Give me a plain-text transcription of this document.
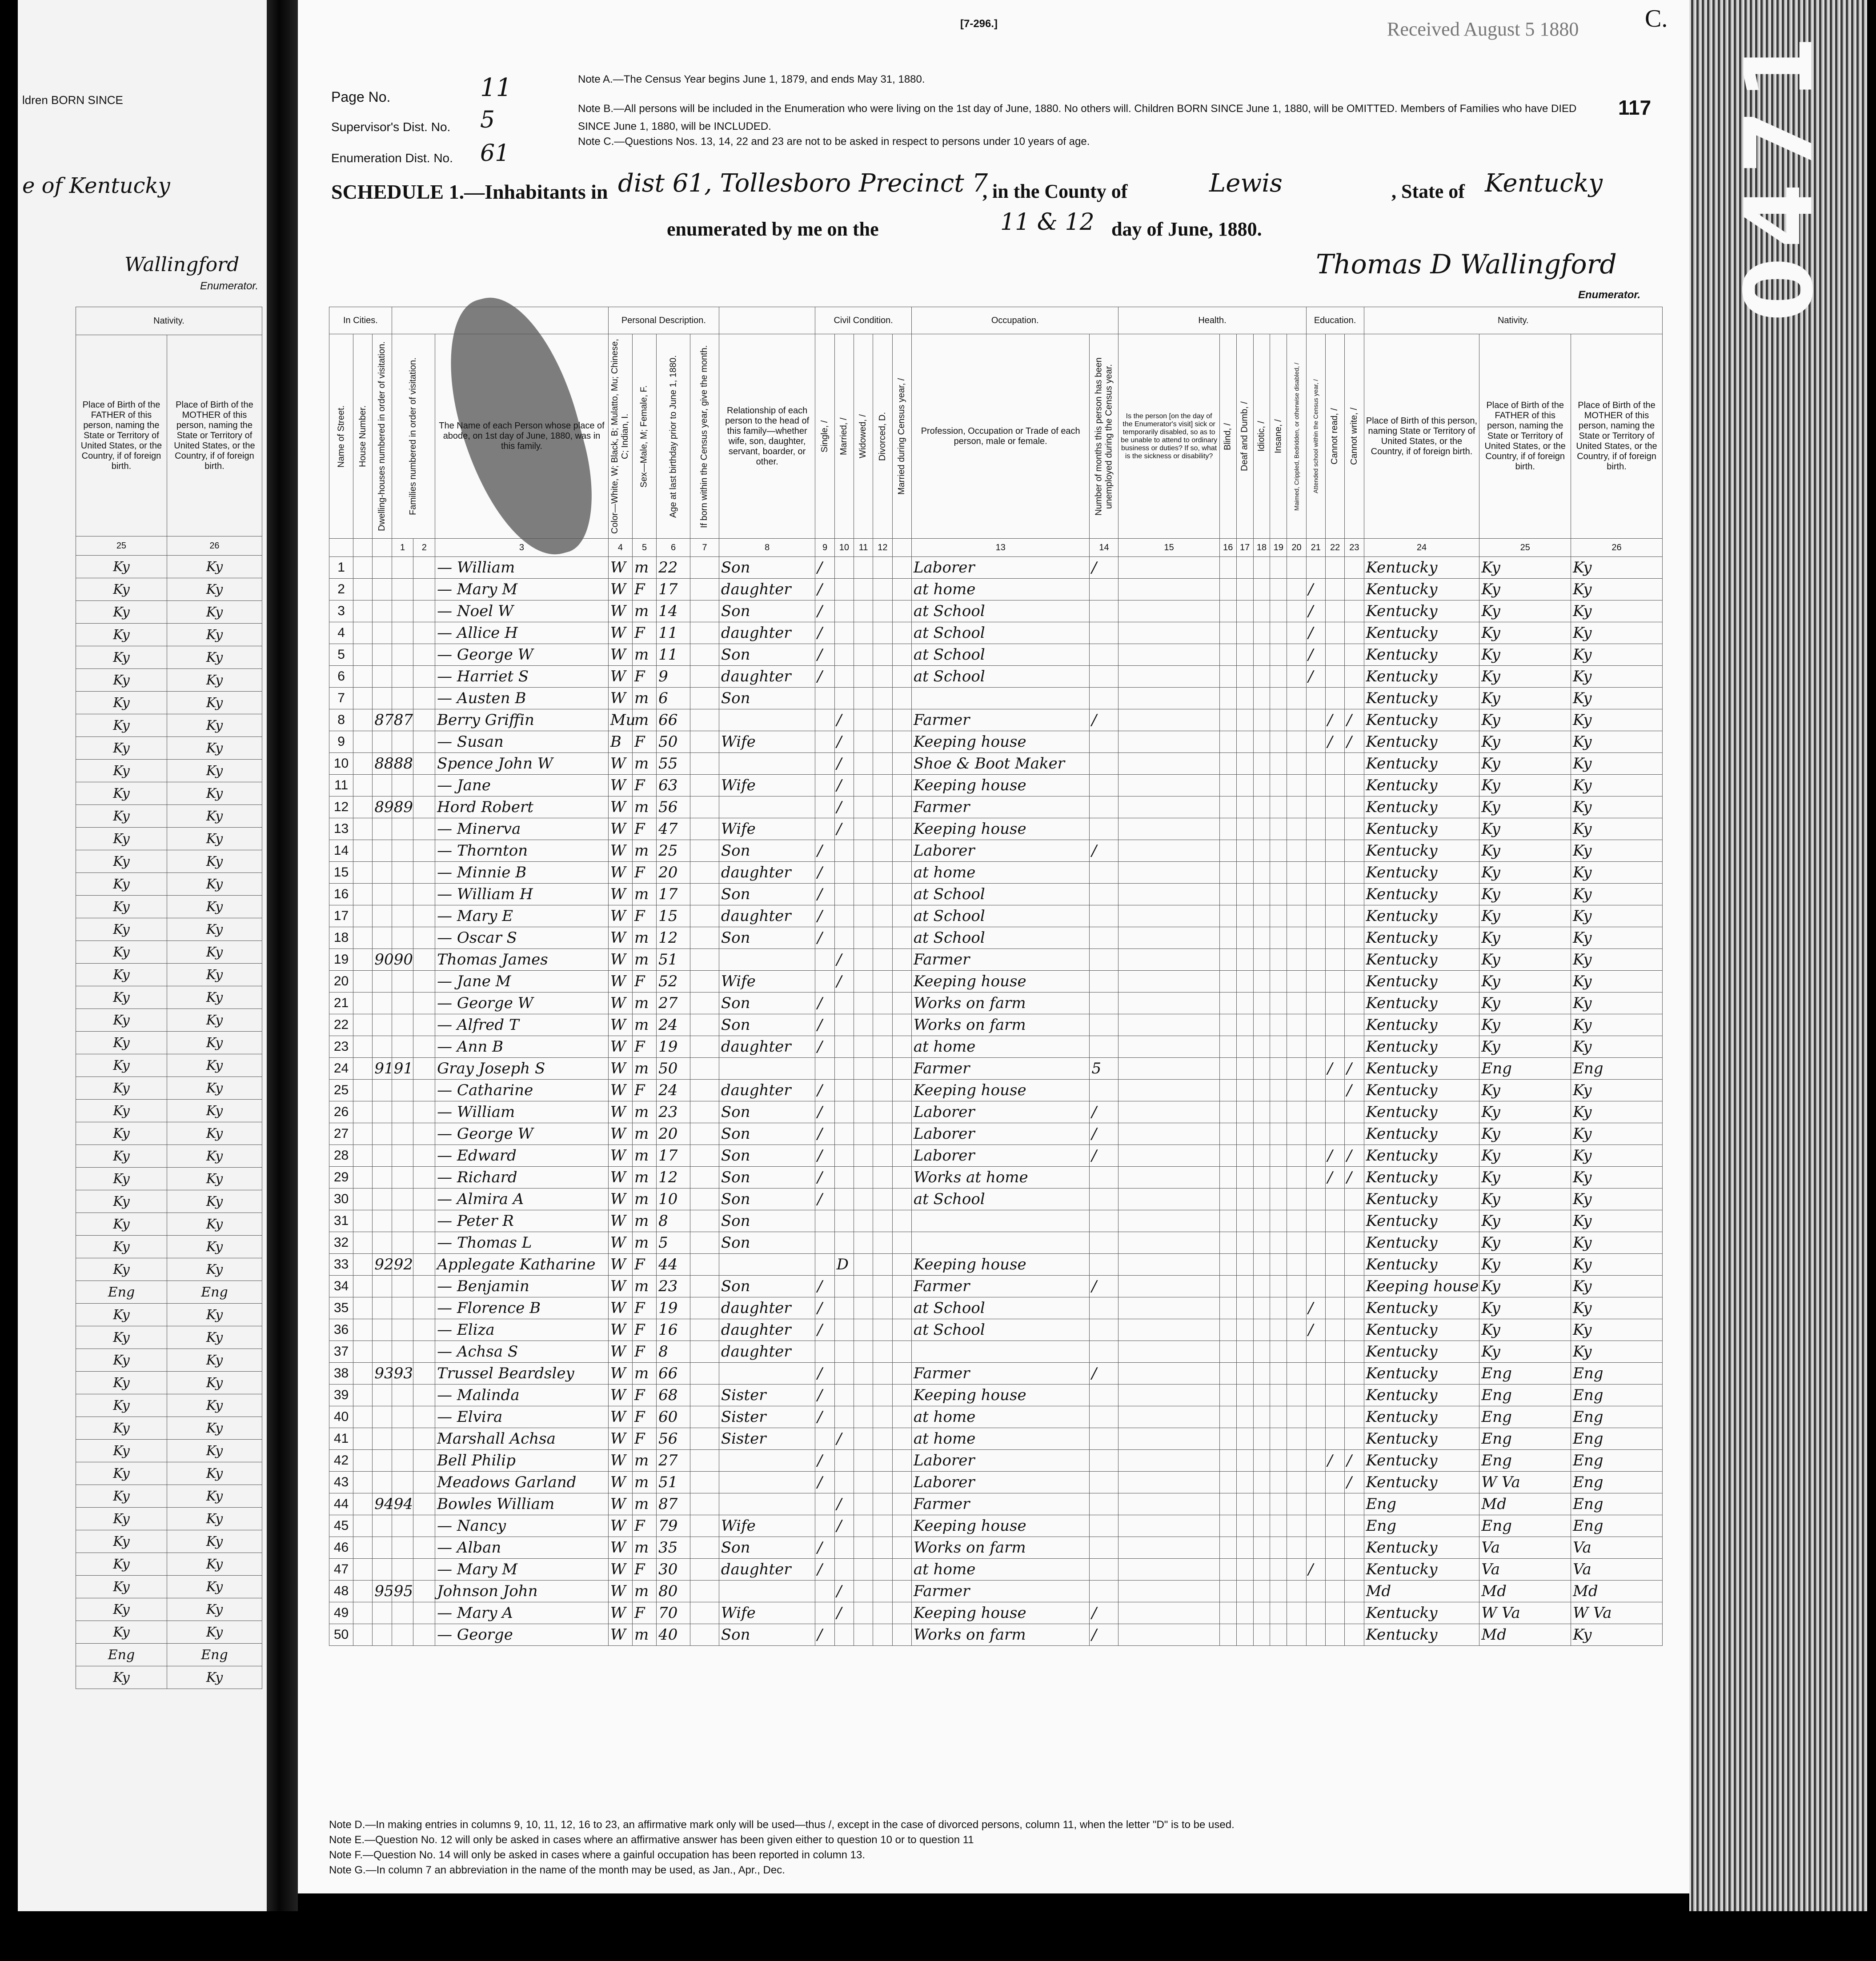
0471
ldren BORN SINCE
e of Kentucky
Wallingford
Enumerator.
Nativity.	
Place of Birth of the FATHER of this person, naming the State or Territory of United States, or the Country, if of foreign birth.	Place of Birth of the MOTHER of this person, naming the State or Territory of United States, or the Country, if of foreign birth.
25	26
Ky	Ky
Ky	Ky
Ky	Ky
Ky	Ky
Ky	Ky
Ky	Ky
Ky	Ky
Ky	Ky
Ky	Ky
Ky	Ky
Ky	Ky
Ky	Ky
Ky	Ky
Ky	Ky
Ky	Ky
Ky	Ky
Ky	Ky
Ky	Ky
Ky	Ky
Ky	Ky
Ky	Ky
Ky	Ky
Ky	Ky
Ky	Ky
Ky	Ky
Ky	Ky
Ky	Ky
Ky	Ky
Ky	Ky
Ky	Ky
Ky	Ky
Ky	Ky
Eng	Eng
Ky	Ky
Ky	Ky
Ky	Ky
Ky	Ky
Ky	Ky
Ky	Ky
Ky	Ky
Ky	Ky
Ky	Ky
Ky	Ky
Ky	Ky
Ky	Ky
Ky	Ky
Ky	Ky
Ky	Ky
Eng	Eng
Ky	Ky
[7-296.]	C.
Received August 5 1880
117
Page No.	11
Supervisor's Dist. No. 5
Enumeration Dist. No. 61
Note A.—The Census Year begins June 1, 1879, and ends May 31, 1880.
Note B.—All persons will be included in the Enumeration who were living on the 1st day of June, 1880. No others will. Children BORN SINCE June 1, 1880, will be OMITTED. Members of Families who have DIED SINCE June 1, 1880, will be INCLUDED.
Note C.—Questions Nos. 13, 14, 22 and 23 are not to be asked in respect to persons under 10 years of age.
SCHEDULE 1.—Inhabitants in dist 61, Tollesboro Precinct 7
, in the County of	Lewis	, State of Kentucky
enumerated by me on the	11 & 12 day of June, 1880.
Thomas D Wallingford
Enumerator.
In Cities.						Personal Description.					Civil Condition.					Occupation.		Health.						Education.			Nativity.		
Name of Street.	House Number.	Dwelling-houses numbered in order of visitation.	Families numbered in order of visitation.		The Name of each Person whose place of abode, on 1st day of June, 1880, was in this family.	Color—White, W; Black, B; Mulatto, Mu; Chinese, C; Indian, I.	Sex—Male, M; Female, F.	Age at last birthday prior to June 1, 1880.	If born within the Census year, give the month.	Relationship of each person to the head of this family—whether wife, son, daughter, servant, boarder, or other.	Single, /	Married, /	Widowed, /	Divorced, D.	Married during Census year, /	Profession, Occupation or Trade of each person, male or female.	Number of months this person has been unemployed during the Census year.	Is the person [on the day of the Enumerator's visit] sick or temporarily disabled, so as to be unable to attend to ordinary business or duties? If so, what is the sickness or disability?	Blind, /	Deaf and Dumb, /	Idiotic, /	Insane, /	Maimed, Crippled, Bedridden, or otherwise disabled, /	Attended school within the Census year, /	Cannot read, /	Cannot write, /	Place of Birth of this person, naming State or Territory of United States, or the Country, if of foreign birth.	Place of Birth of the FATHER of this person, naming the State or Territory of United States, or the Country, if of foreign birth.	Place of Birth of the MOTHER of this person, naming the State or Territory of United States, or the Country, if of foreign birth.
			1	2	3	4	5	6	7	8	9	10	11	12		13	14	15	16	17	18	19	20	21	22	23	24	25	26
1					— William	W	m	22		Son	/					Laborer	/										Kentucky	Ky	Ky
2					— Mary M	W	F	17		daughter	/					at home								/			Kentucky	Ky	Ky
3					— Noel W	W	m	14		Son	/					at School								/			Kentucky	Ky	Ky
4					— Allice H	W	F	11		daughter	/					at School								/			Kentucky	Ky	Ky
5					— George W	W	m	11		Son	/					at School								/			Kentucky	Ky	Ky
6					— Harriet S	W	F	9		daughter	/					at School								/			Kentucky	Ky	Ky
7					— Austen B	W	m	6		Son																	Kentucky	Ky	Ky
8		87	87		Berry Griffin	Mu	m	66				/				Farmer	/								/	/	Kentucky	Ky	Ky
9					— Susan	B	F	50		Wife		/				Keeping house									/	/	Kentucky	Ky	Ky
10		88	88		Spence John W	W	m	55				/				Shoe & Boot Maker											Kentucky	Ky	Ky
11					— Jane	W	F	63		Wife		/				Keeping house											Kentucky	Ky	Ky
12		89	89		Hord Robert	W	m	56				/				Farmer											Kentucky	Ky	Ky
13					— Minerva	W	F	47		Wife		/				Keeping house											Kentucky	Ky	Ky
14					— Thornton	W	m	25		Son	/					Laborer	/										Kentucky	Ky	Ky
15					— Minnie B	W	F	20		daughter	/					at home											Kentucky	Ky	Ky
16					— William H	W	m	17		Son	/					at School											Kentucky	Ky	Ky
17					— Mary E	W	F	15		daughter	/					at School											Kentucky	Ky	Ky
18					— Oscar S	W	m	12		Son	/					at School											Kentucky	Ky	Ky
19		90	90		Thomas James	W	m	51				/				Farmer											Kentucky	Ky	Ky
20					— Jane M	W	F	52		Wife		/				Keeping house											Kentucky	Ky	Ky
21					— George W	W	m	27		Son	/					Works on farm											Kentucky	Ky	Ky
22					— Alfred T	W	m	24		Son	/					Works on farm											Kentucky	Ky	Ky
23					— Ann B	W	F	19		daughter	/					at home											Kentucky	Ky	Ky
24		91	91		Gray Joseph S	W	m	50								Farmer	5								/	/	Kentucky	Eng	Eng
25					— Catharine	W	F	24		daughter	/					Keeping house										/	Kentucky	Ky	Ky
26					— William	W	m	23		Son	/					Laborer	/										Kentucky	Ky	Ky
27					— George W	W	m	20		Son	/					Laborer	/										Kentucky	Ky	Ky
28					— Edward	W	m	17		Son	/					Laborer	/								/	/	Kentucky	Ky	Ky
29					— Richard	W	m	12		Son	/					Works at home									/	/	Kentucky	Ky	Ky
30					— Almira A	W	m	10		Son	/					at School											Kentucky	Ky	Ky
31					— Peter R	W	m	8		Son																	Kentucky	Ky	Ky
32					— Thomas L	W	m	5		Son																	Kentucky	Ky	Ky
33		92	92		Applegate Katharine	W	F	44				D				Keeping house											Kentucky	Ky	Ky
34					— Benjamin	W	m	23		Son	/					Farmer	/										Keeping house	Ky	Ky
35					— Florence B	W	F	19		daughter	/					at School								/			Kentucky	Ky	Ky
36					— Eliza	W	F	16		daughter	/					at School								/			Kentucky	Ky	Ky
37					— Achsa S	W	F	8		daughter																	Kentucky	Ky	Ky
38		93	93		Trussel Beardsley	W	m	66			/					Farmer	/										Kentucky	Eng	Eng
39					— Malinda	W	F	68		Sister	/					Keeping house											Kentucky	Eng	Eng
40					— Elvira	W	F	60		Sister	/					at home											Kentucky	Eng	Eng
41					Marshall Achsa	W	F	56		Sister		/				at home											Kentucky	Eng	Eng
42					Bell Philip	W	m	27			/					Laborer									/	/	Kentucky	Eng	Eng
43					Meadows Garland	W	m	51			/					Laborer										/	Kentucky	W Va	Eng
44		94	94		Bowles William	W	m	87				/				Farmer											Eng	Md	Eng
45					— Nancy	W	F	79		Wife		/				Keeping house											Eng	Eng	Eng
46					— Alban	W	m	35		Son	/					Works on farm											Kentucky	Va	Va
47					— Mary M	W	F	30		daughter	/					at home								/			Kentucky	Va	Va
48		95	95		Johnson John	W	m	80				/				Farmer											Md	Md	Md
49					— Mary A	W	F	70		Wife		/				Keeping house	/										Kentucky	W Va	W Va
50					— George	W	m	40		Son	/					Works on farm	/										Kentucky	Md	Ky
Note D.—In making entries in columns 9, 10, 11, 12, 16 to 23, an affirmative mark only will be used—thus /, except in the case of divorced persons, column 11, when the letter "D" is to be used.
Note E.—Question No. 12 will only be asked in cases where an affirmative answer has been given either to question 10 or to question 11
Note F.—Question No. 14 will only be asked in cases where a gainful occupation has been reported in column 13.
Note G.—In column 7 an abbreviation in the name of the month may be used, as Jan., Apr., Dec.
